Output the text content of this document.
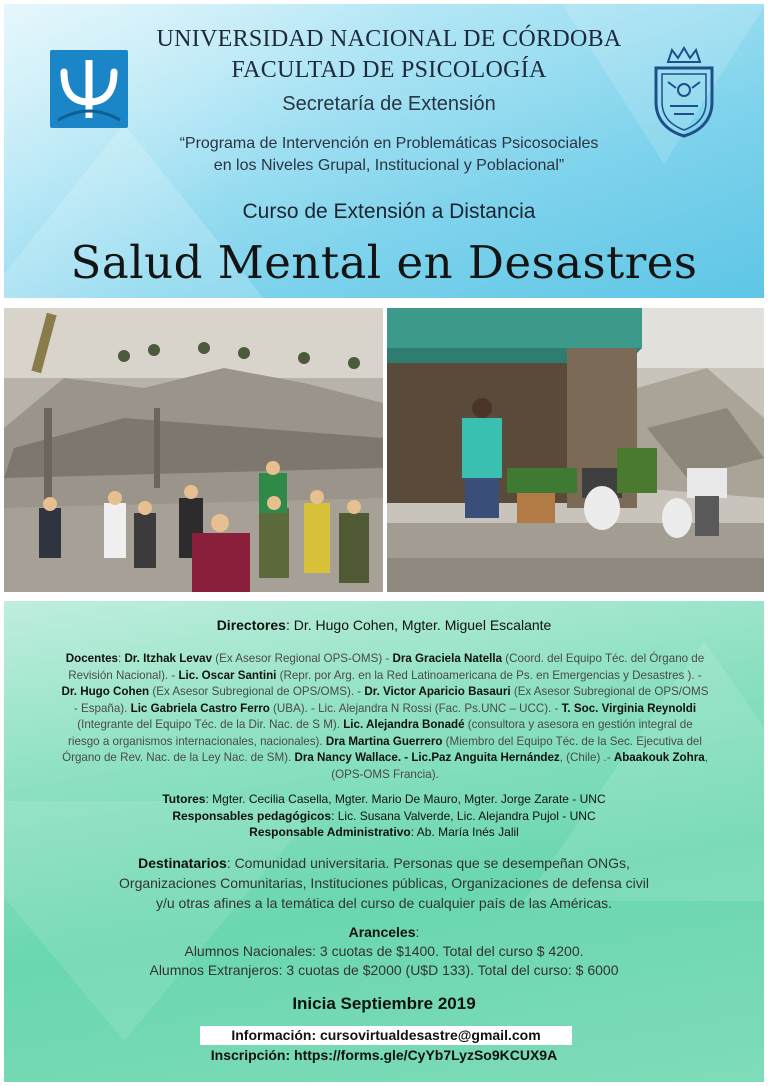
UNIVERSIDAD NACIONAL DE CÓRDOBA
FACULTAD DE PSICOLOGÍA
Secretaría de Extensión
“Programa de Intervención en Problemáticas Psicosociales
en los Niveles Grupal, Institucional y Poblacional”
Curso de Extensión a Distancia
Salud Mental en Desastres
Directores: Dr. Hugo Cohen, Mgter. Miguel Escalante
Docentes: Dr. Itzhak Levav (Ex Asesor Regional OPS-OMS) - Dra Graciela Natella (Coord. del Equipo Téc. del Órgano de Revisión Nacional). - Lic. Oscar Santini (Repr. por Arg. en la Red Latinoamericana de Ps. en Emergencias y Desastres ). - Dr. Hugo Cohen (Ex Asesor Subregional de OPS/OMS). - Dr. Victor Aparicio Basauri (Ex Asesor Subregional de OPS/OMS - España). Lic Gabriela Castro Ferro (UBA). - Lic. Alejandra N Rossi (Fac. Ps.UNC – UCC). - T. Soc. Virginia Reynoldi (Integrante del Equipo Téc. de la Dir. Nac. de S M). Lic. Alejandra Bonadé (consultora y asesora en gestión integral de riesgo a organismos internacionales, nacionales). Dra Martina Guerrero (Miembro del Equipo Téc. de la Sec. Ejecutiva del Órgano de Rev. Nac. de la Ley Nac. de SM). Dra Nancy Wallace. - Lic.Paz Anguita Hernández, (Chile) .- Abaakouk Zohra, (OPS-OMS Francia).
Tutores: Mgter. Cecilia Casella, Mgter. Mario De Mauro, Mgter. Jorge Zarate - UNC
Responsables pedagógicos: Lic. Susana Valverde, Lic. Alejandra Pujol - UNC
Responsable Administrativo: Ab. María Inés Jalil
Destinatarios: Comunidad universitaria. Personas que se desempeñan ONGs,
Organizaciones Comunitarias, Instituciones públicas, Organizaciones de defensa civil
y/u otras afines a la temática del curso de cualquier país de las Américas.
Aranceles:
Alumnos Nacionales: 3 cuotas de $1400. Total del curso $ 4200.
Alumnos Extranjeros: 3 cuotas de $2000 (U$D 133). Total del curso: $ 6000
Inicia Septiembre 2019
Información: cursovirtualdesastre@gmail.com
Inscripción: https://forms.gle/CyYb7LyzSo9KCUX9A
